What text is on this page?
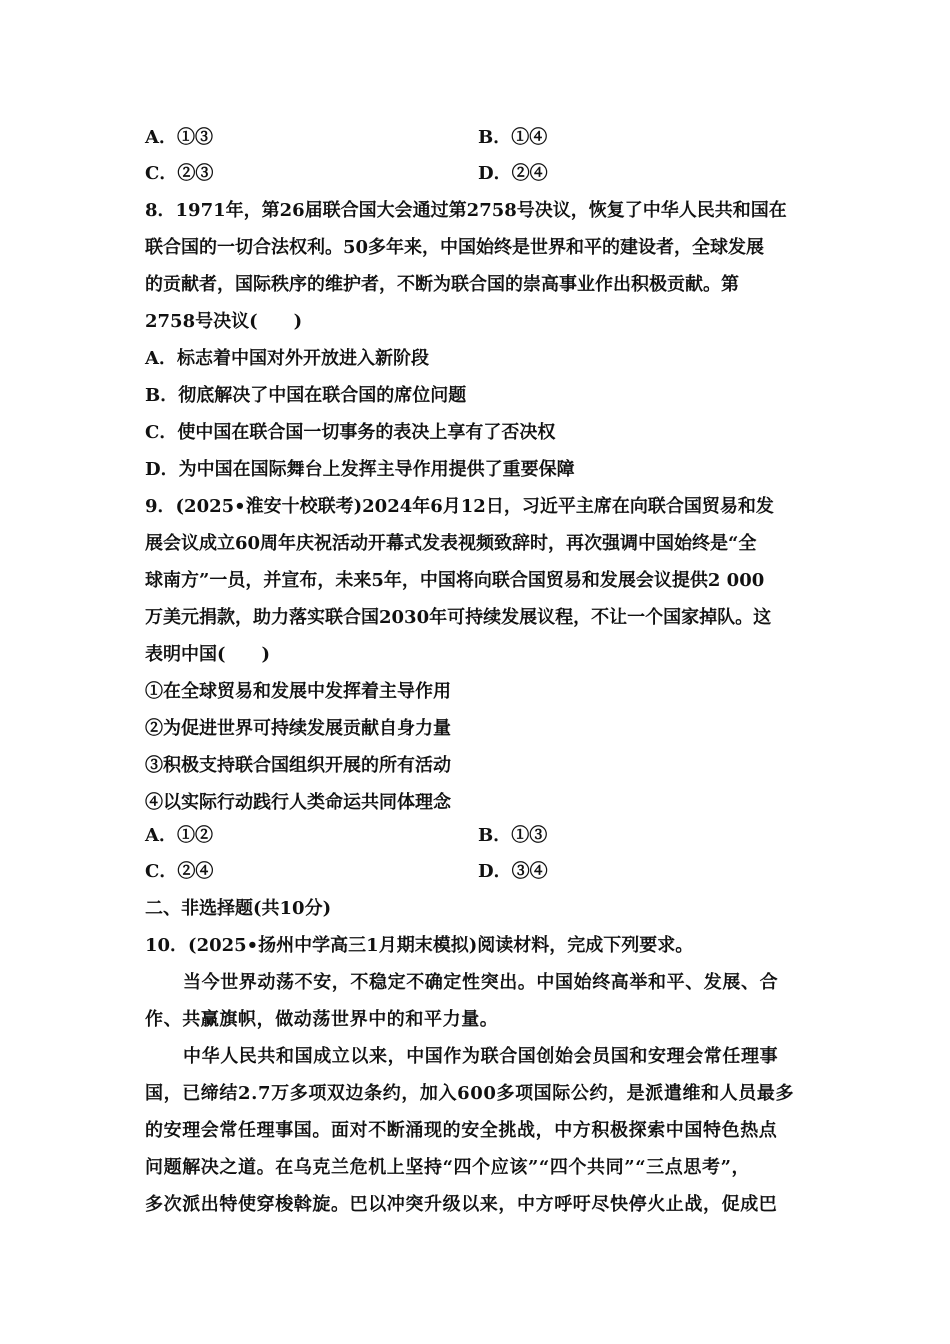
A．①③	B．①④
C．②③	D．②④
8．1971年，第26届联合国大会通过第2758号决议，恢复了中华人民共和国在
联合国的一切合法权利。50多年来，中国始终是世界和平的建设者，全球发展
的贡献者，国际秩序的维护者，不断为联合国的崇高事业作出积极贡献。第
2758号决议(　　)
A．标志着中国对外开放进入新阶段
B．彻底解决了中国在联合国的席位问题
C．使中国在联合国一切事务的表决上享有了否决权
D．为中国在国际舞台上发挥主导作用提供了重要保障
9．(2025•淮安十校联考)2024年6月12日，习近平主席在向联合国贸易和发
展会议成立60周年庆祝活动开幕式发表视频致辞时，再次强调中国始终是“全
球南方”一员，并宣布，未来5年，中国将向联合国贸易和发展会议提供2 000
万美元捐款，助力落实联合国2030年可持续发展议程，不让一个国家掉队。这
表明中国(　　)
①在全球贸易和发展中发挥着主导作用
②为促进世界可持续发展贡献自身力量
③积极支持联合国组织开展的所有活动
④以实际行动践行人类命运共同体理念
A．①②	B．①③
C．②④	D．③④
二、非选择题(共10分)
10．(2025•扬州中学高三1月期末模拟)阅读材料，完成下列要求。
当今世界动荡不安，不稳定不确定性突出。中国始终高举和平、发展、合
作、共赢旗帜，做动荡世界中的和平力量。
中华人民共和国成立以来，中国作为联合国创始会员国和安理会常任理事
国，已缔结2.7万多项双边条约，加入600多项国际公约，是派遣维和人员最多
的安理会常任理事国。面对不断涌现的安全挑战，中方积极探索中国特色热点
问题解决之道。在乌克兰危机上坚持“四个应该”“四个共同”“三点思考”，
多次派出特使穿梭斡旋。巴以冲突升级以来，中方呼吁尽快停火止战，促成巴
